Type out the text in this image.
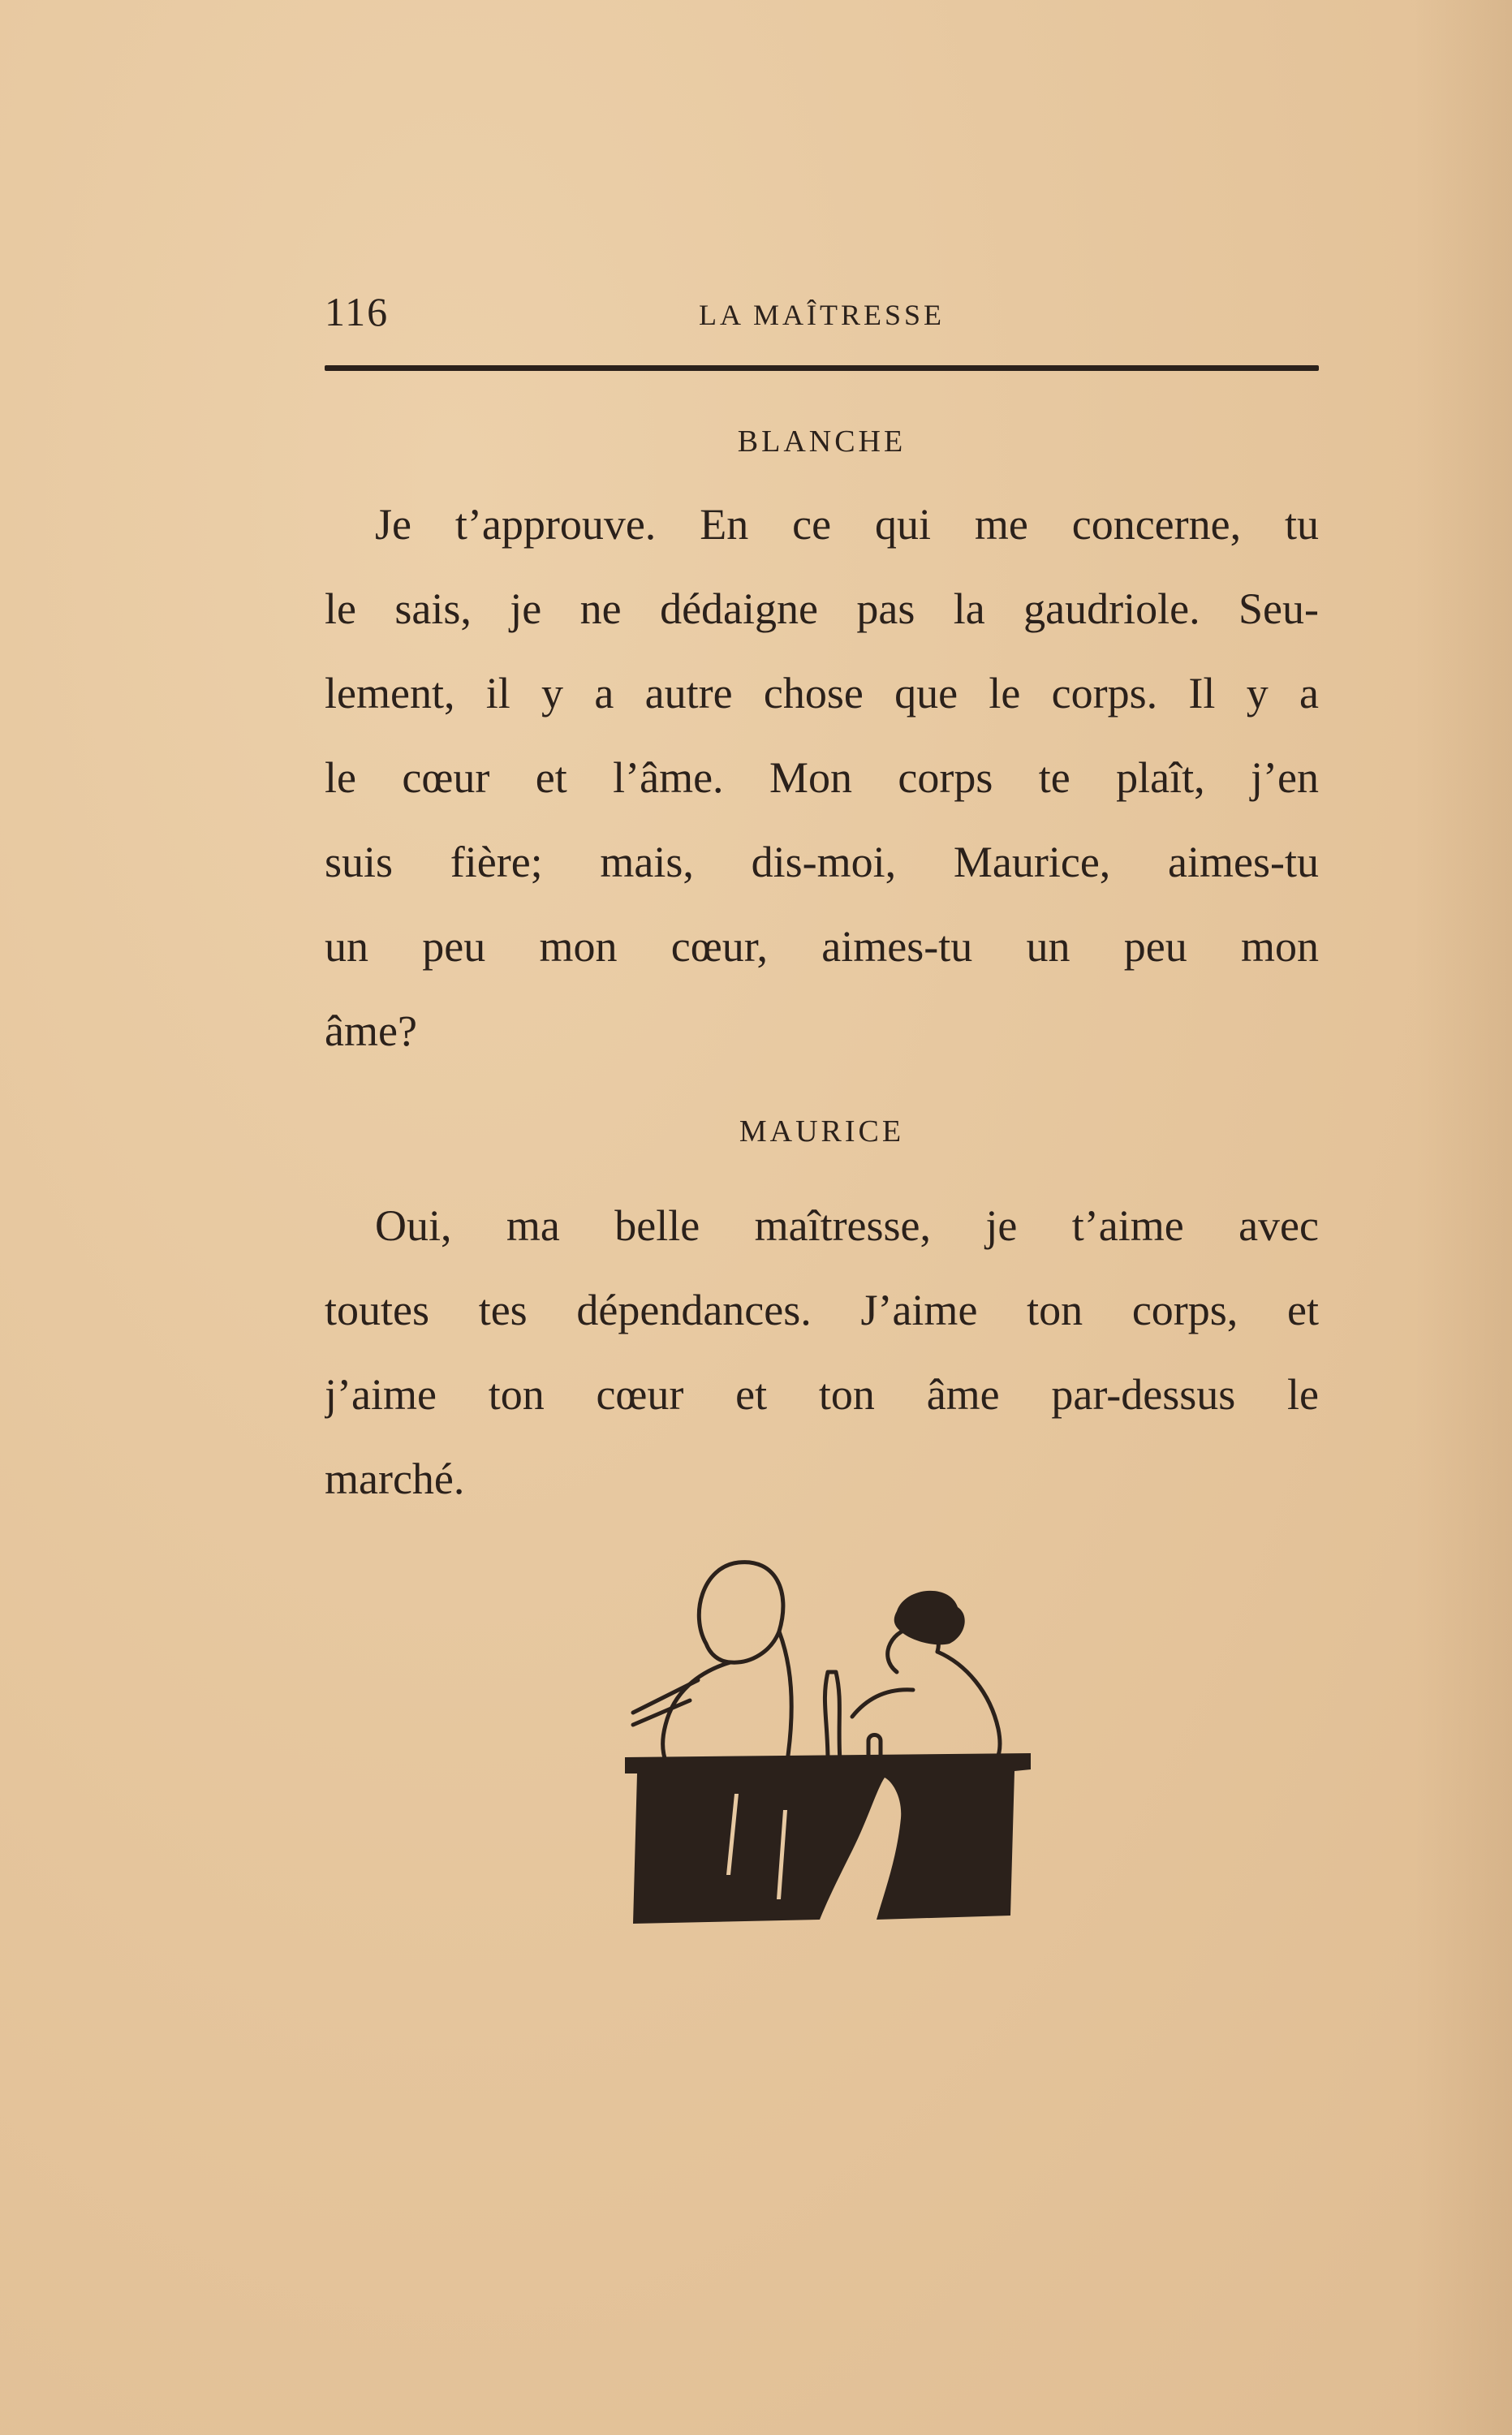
116	LA MAÎTRESSE
BLANCHE
Je t’approuve. En ce qui me concerne, tu
le sais, je ne dédaigne pas la gaudriole. Seu-
lement, il y a autre chose que le corps. Il y a
le cœur et l’âme. Mon corps te plaît, j’en
suis fière; mais, dis-moi, Maurice, aimes-tu
un peu mon cœur, aimes-tu un peu mon
âme?
MAURICE
Oui, ma belle maîtresse, je t’aime avec
toutes tes dépendances. J’aime ton corps, et
j’aime ton cœur et ton âme par-dessus le
marché.
